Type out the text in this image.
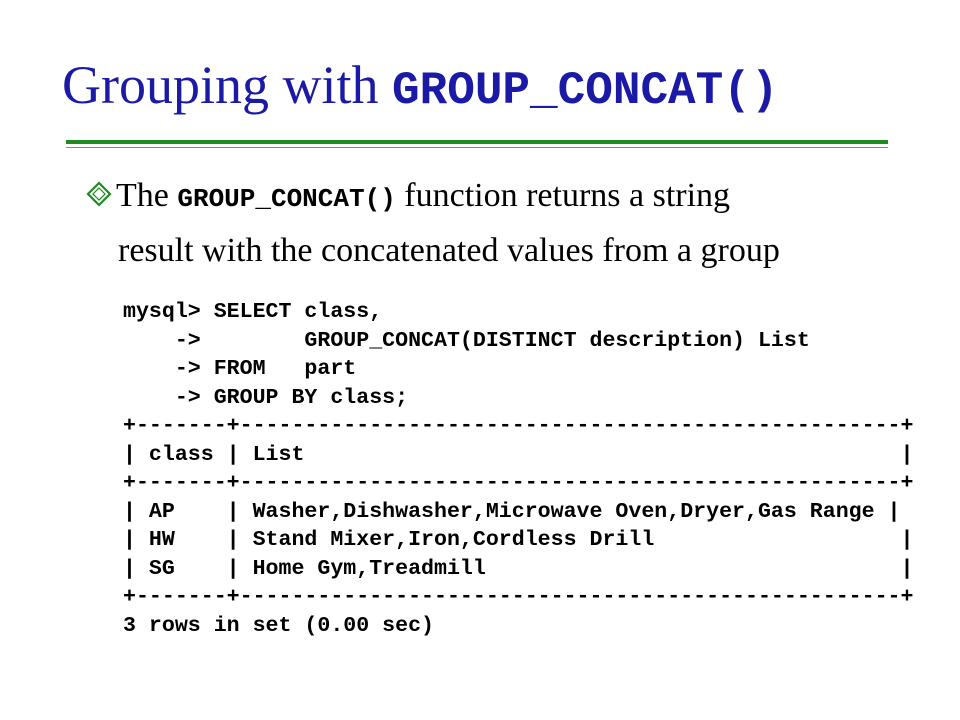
Grouping with GROUP_CONCAT()
The GROUP_CONCAT() function returns a string
result with the concatenated values from a group
mysql> SELECT class,
->        GROUP_CONCAT(DISTINCT description) List
-> FROM   part
-> GROUP BY class;
+-------+---------------------------------------------------+
| class | List                                              |
+-------+---------------------------------------------------+
| AP    | Washer,Dishwasher,Microwave Oven,Dryer,Gas Range |
| HW    | Stand Mixer,Iron,Cordless Drill                   |
| SG    | Home Gym,Treadmill                                |
+-------+---------------------------------------------------+
3 rows in set (0.00 sec)
